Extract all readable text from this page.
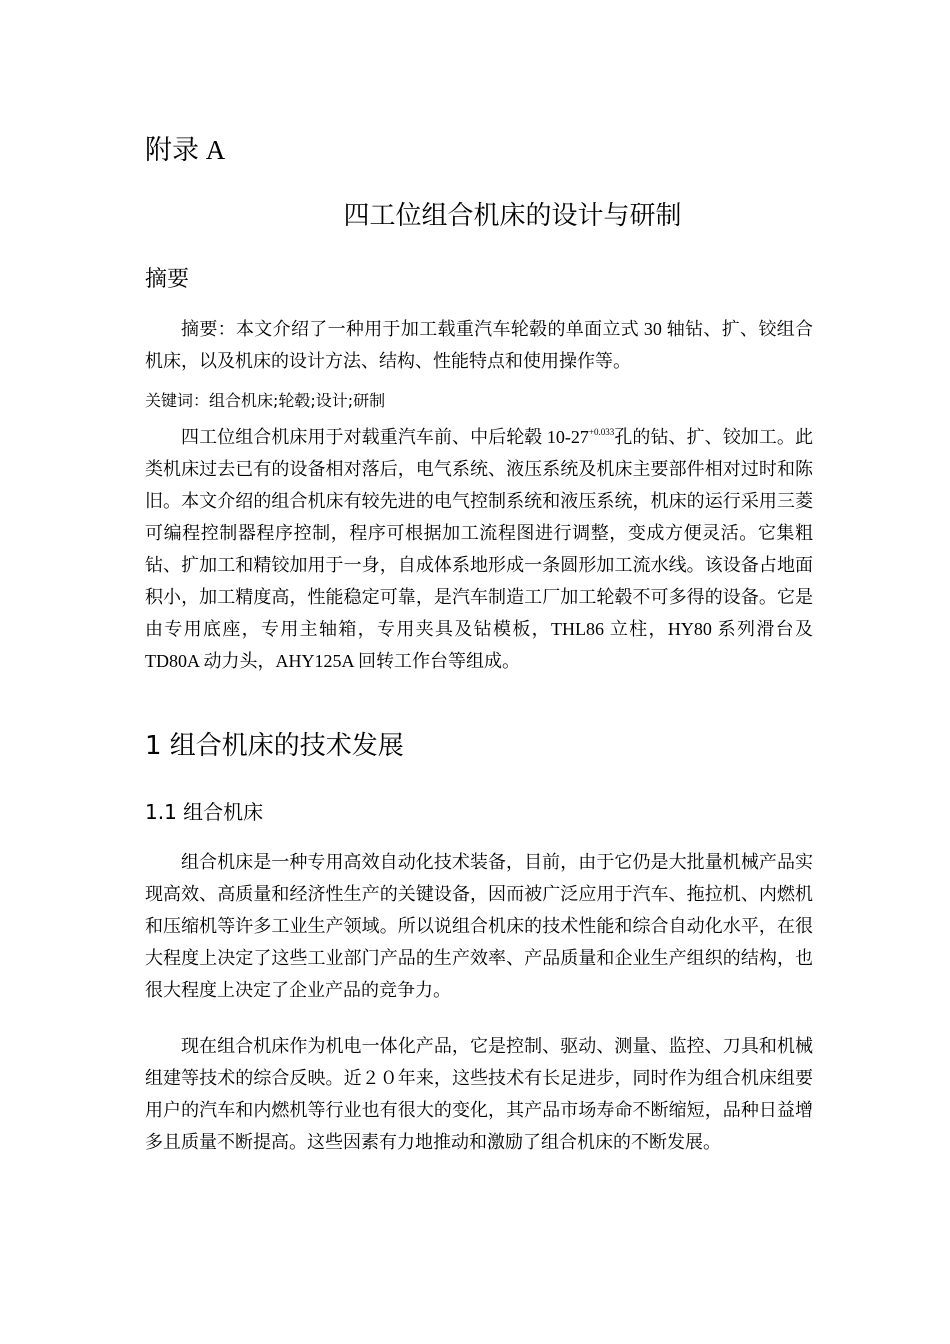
附录 A
四工位组合机床的设计与研制
摘要

摘要：本文介绍了一种用于加工载重汽车轮毂的单面立式 30 轴钻、扩、铰组合机床，以及机床的设计方法、结构、性能特点和使用操作等。

关键词：组合机床;轮毂;设计;研制

四工位组合机床用于对载重汽车前、中后轮毂 $10-27^{+0.033}$孔的钻、扩、铰加工。此类机床过去已有的设备相对落后，电气系统、液压系统及机床主要部件相对过时和陈旧。本文介绍的组合机床有较先进的电气控制系统和液压系统，机床的运行采用三菱可编程控制器程序控制，程序可根据加工流程图进行调整，变成方便灵活。它集粗钻、扩加工和精铰加用于一身，自成体系地形成一条圆形加工流水线。该设备占地面积小，加工精度高，性能稳定可靠，是汽车制造工厂加工轮毂不可多得的设备。它是由专用底座，专用主轴箱，专用夹具及钻模板，THL86 立柱，HY80 系列滑台及 TD80A 动力头，AHY125A 回转工作台等组成。

1 组合机床的技术发展
1.1 组合机床

组合机床是一种专用高效自动化技术装备，目前，由于它仍是大批量机械产品实现高效、高质量和经济性生产的关键设备，因而被广泛应用于汽车、拖拉机、内燃机和压缩机等许多工业生产领域。所以说组合机床的技术性能和综合自动化水平，在很大程度上决定了这些工业部门产品的生产效率、产品质量和企业生产组织的结构，也很大程度上决定了企业产品的竞争力。

现在组合机床作为机电一体化产品，它是控制、驱动、测量、监控、刀具和机械组建等技术的综合反映。近２０年来，这些技术有长足进步，同时作为组合机床组要用户的汽车和内燃机等行业也有很大的变化，其产品市场寿命不断缩短，品种日益增多且质量不断提高。这些因素有力地推动和激励了组合机床的不断发展。
